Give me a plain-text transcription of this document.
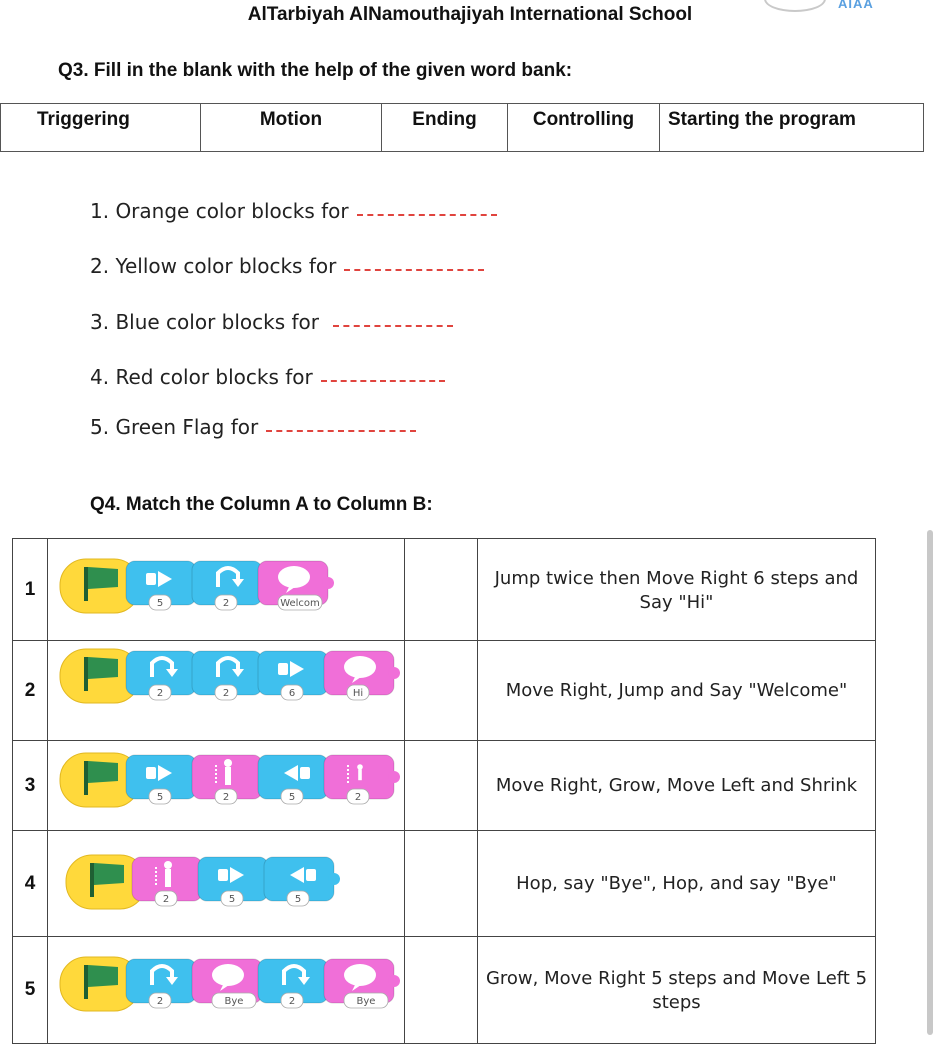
AlTarbiyah AlNamouthajiyah International School
AIAA
Q3. Fill in the blank with the help of the given word bank:
Triggering	Motion	Ending	Controlling	Starting the program
1. Orange color blocks for
2. Yellow color blocks for
3. Blue color blocks for
4. Red color blocks for
5. Green Flag for
Q4. Match the Column A to Column B:
1	5 2 Welcom		Jump twice then Move Right 6 steps and Say "Hi"
2	2 2 6 Hi		Move Right, Jump and Say "Welcome"
3	5 2 5 2		Move Right, Grow, Move Left and Shrink
4	2 5 5		Hop, say "Bye", Hop, and say "Bye"
5	2 Bye 2 Bye		Grow, Move Right 5 steps and Move Left 5 steps
